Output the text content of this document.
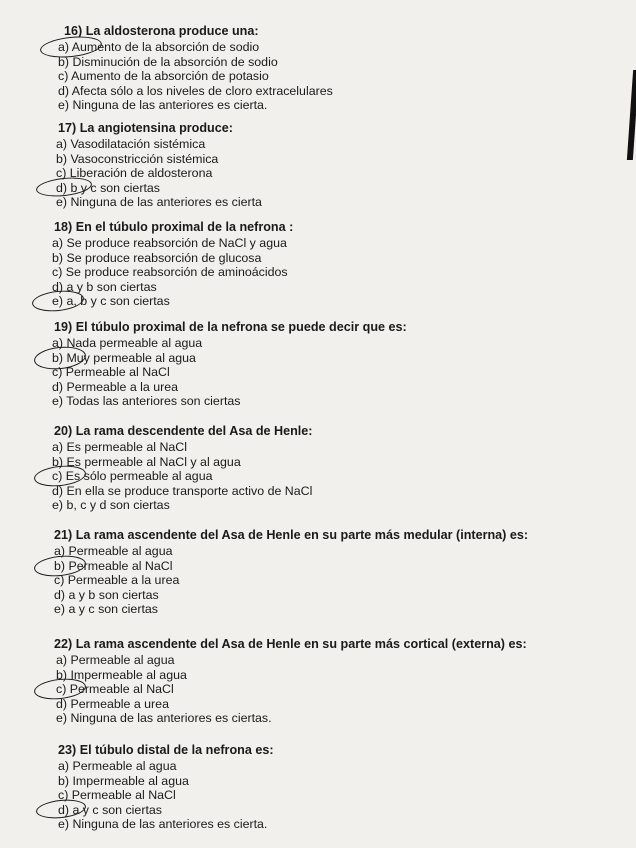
16) La aldosterona produce una:
a) Aumento de la absorción de sodio
b) Disminución de la absorción de sodio
c) Aumento de la absorción de potasio
d) Afecta sólo a los niveles de cloro extracelulares
e) Ninguna de las anteriores es cierta.
17) La angiotensina produce:
a) Vasodilatación sistémica
b) Vasoconstricción sistémica
c) Liberación de aldosterona
d) b y c son ciertas
e) Ninguna de las anteriores es cierta
18) En el túbulo proximal de la nefrona :
a) Se produce reabsorción de NaCl y agua
b) Se produce reabsorción de glucosa
c) Se produce reabsorción de aminoácidos
d) a y b son ciertas
e) a, b y c son ciertas
19) El túbulo proximal de la nefrona se puede decir que es:
a) Nada permeable al agua
b) Muy permeable al agua
c) Permeable al NaCl
d) Permeable a la urea
e) Todas las anteriores son ciertas
20) La rama descendente del Asa de Henle:
a) Es permeable al NaCl
b) Es permeable al NaCl y al agua
c) Es sólo permeable al agua
d) En ella se produce transporte activo de NaCl
e) b, c y d son ciertas
21) La rama ascendente del Asa de Henle en su parte más medular (interna) es:
a) Permeable al agua
b) Permeable al NaCl
c) Permeable a la urea
d) a y b son ciertas
e) a y c son ciertas
22) La rama ascendente del Asa de Henle en su parte más cortical (externa) es:
a) Permeable al agua
b) Impermeable al agua
c) Permeable al NaCl
d) Permeable a urea
e) Ninguna de las anteriores es ciertas.
23) El túbulo distal de la nefrona es:
a) Permeable al agua
b) Impermeable al agua
c) Permeable al NaCl
d) a y c son ciertas
e) Ninguna de las anteriores es cierta.
